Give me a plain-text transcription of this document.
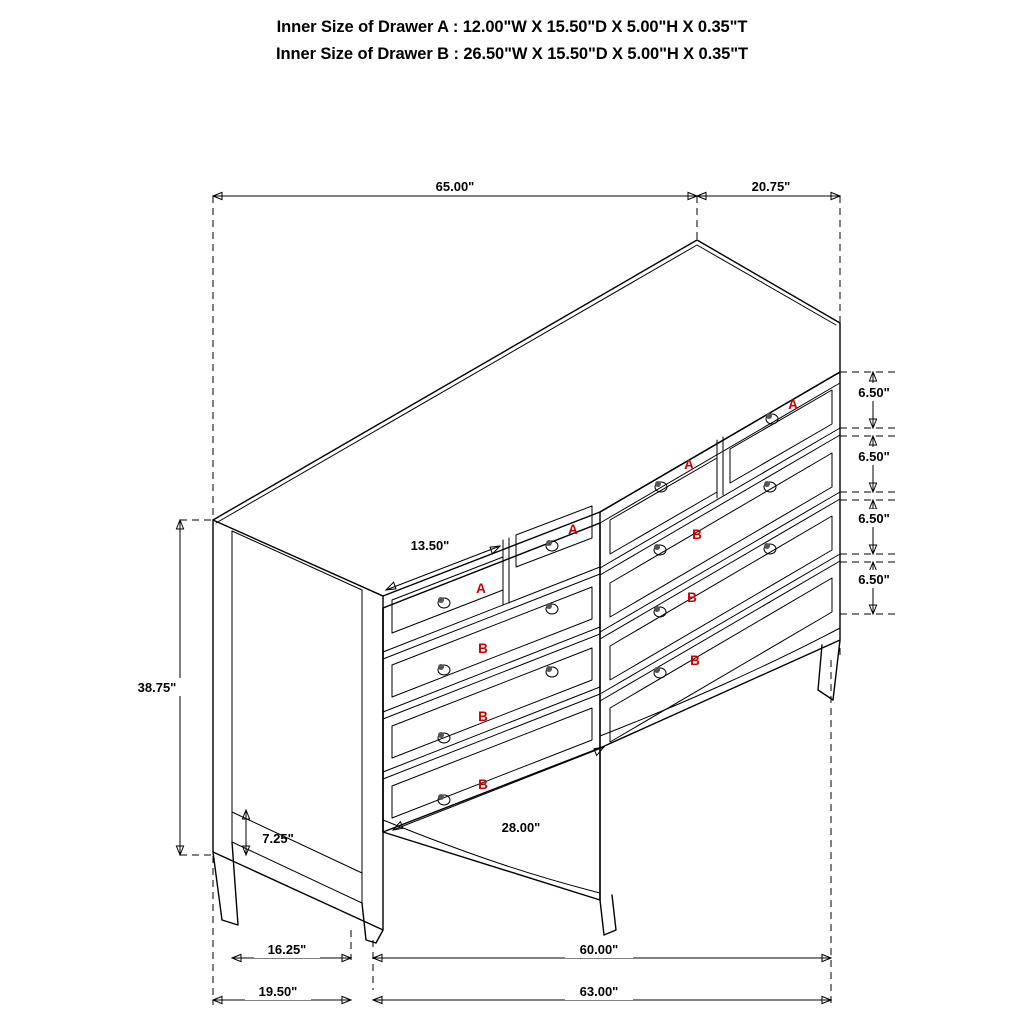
Inner Size of Drawer A : 12.00"W X 15.50"D X 5.00"H X 0.35"T
Inner Size of Drawer B : 26.50"W X 15.50"D X 5.00"H X 0.35"T
65.00"	20.75"
A
A
A
A
B
B
B
B
B
B
6.50"
6.50"
6.50"
6.50"
38.75"
7.25"
13.50"
28.00"
16.25"	60.00"
19.50"	63.00"
